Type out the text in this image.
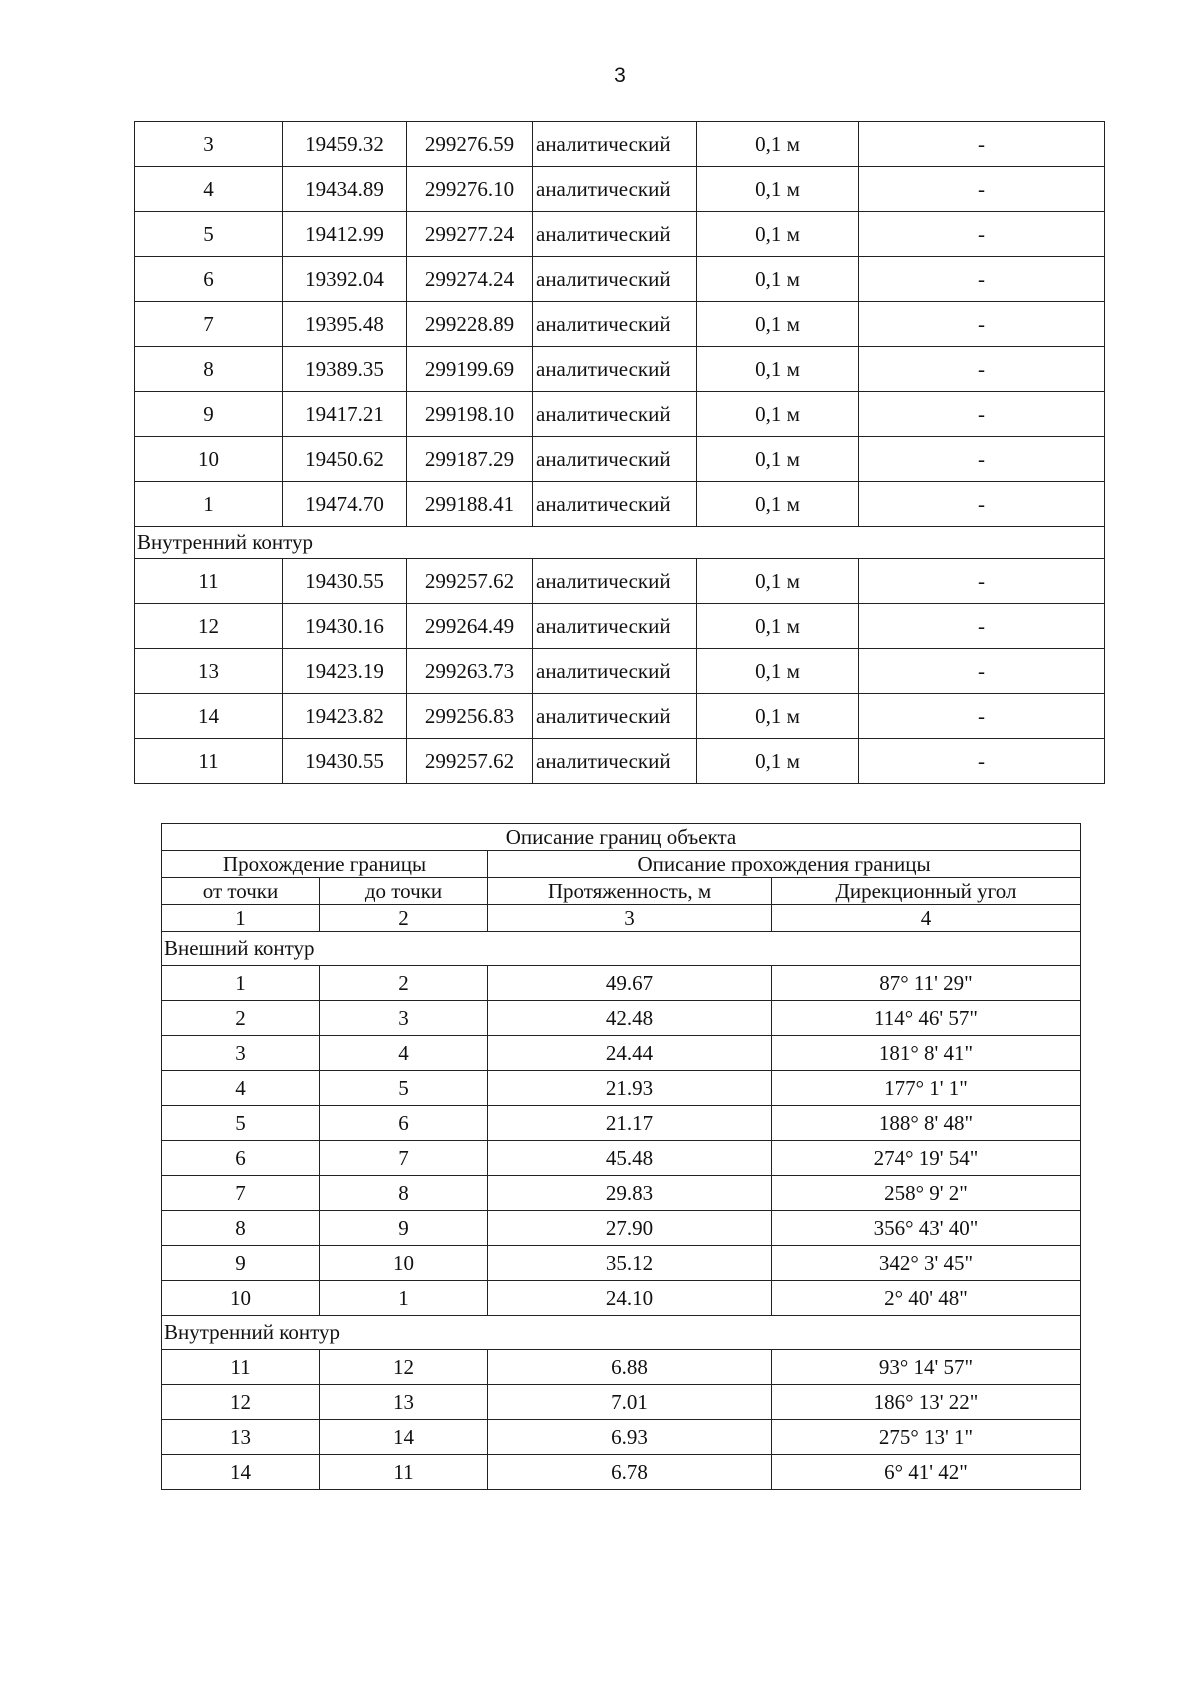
3
3	19459.32	299276.59	аналитический	0,1 м	-
4	19434.89	299276.10	аналитический	0,1 м	-
5	19412.99	299277.24	аналитический	0,1 м	-
6	19392.04	299274.24	аналитический	0,1 м	-
7	19395.48	299228.89	аналитический	0,1 м	-
8	19389.35	299199.69	аналитический	0,1 м	-
9	19417.21	299198.10	аналитический	0,1 м	-
10	19450.62	299187.29	аналитический	0,1 м	-
1	19474.70	299188.41	аналитический	0,1 м	-
Внутренний контур					
11	19430.55	299257.62	аналитический	0,1 м	-
12	19430.16	299264.49	аналитический	0,1 м	-
13	19423.19	299263.73	аналитический	0,1 м	-
14	19423.82	299256.83	аналитический	0,1 м	-
11	19430.55	299257.62	аналитический	0,1 м	-
Описание границ объекта			
Прохождение границы		Описание прохождения границы	
от точки	до точки	Протяженность, м	Дирекционный угол
1	2	3	4
Внешний контур			
1	2	49.67	87° 11' 29"
2	3	42.48	114° 46' 57"
3	4	24.44	181° 8' 41"
4	5	21.93	177° 1' 1"
5	6	21.17	188° 8' 48"
6	7	45.48	274° 19' 54"
7	8	29.83	258° 9' 2"
8	9	27.90	356° 43' 40"
9	10	35.12	342° 3' 45"
10	1	24.10	2° 40' 48"
Внутренний контур			
11	12	6.88	93° 14' 57"
12	13	7.01	186° 13' 22"
13	14	6.93	275° 13' 1"
14	11	6.78	6° 41' 42"
